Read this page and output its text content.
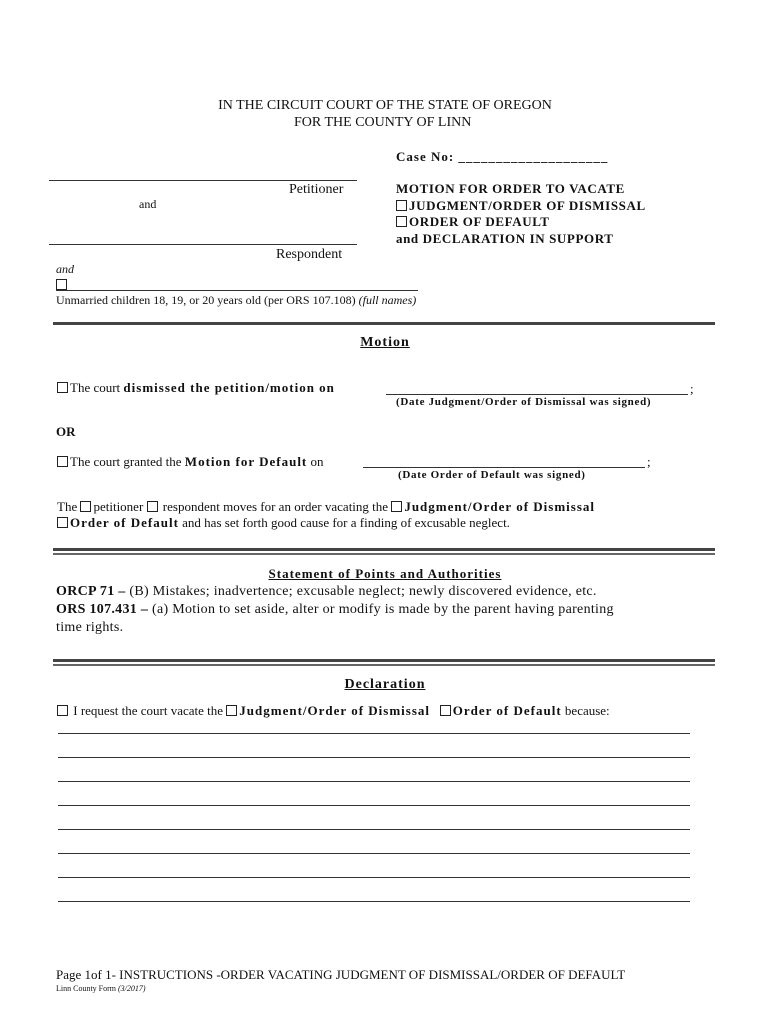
IN THE CIRCUIT COURT OF THE STATE OF OREGON
FOR THE COUNTY OF LINN
Case No: ____________________
Petitioner
and
Respondent
and
Unmarried children 18, 19, or 20 years old (per ORS 107.108) (full names)
MOTION FOR ORDER TO VACATE
JUDGMENT/ORDER OF DISMISSAL
ORDER OF DEFAULT
and DECLARATION IN SUPPORT
Motion
The court dismissed the petition/motion on	;
(Date Judgment/Order of Dismissal was signed)
OR
The court granted the Motion for Default on	;
(Date Order of Default was signed)
The petitioner  respondent moves for an order vacating the Judgment/Order of Dismissal
Order of Default and has set forth good cause for a finding of excusable neglect.
Statement of Points and Authorities
ORCP 71 – (B) Mistakes; inadvertence; excusable neglect; newly discovered evidence, etc.
ORS 107.431 – (a) Motion to set aside, alter or modify is made by the parent having parenting
time rights.
Declaration
I request the court vacate the Judgment/Order of Dismissal Order of Default because:
Page 1of 1- INSTRUCTIONS -ORDER VACATING JUDGMENT OF DISMISSAL/ORDER OF DEFAULT
Linn County Form (3/2017)
